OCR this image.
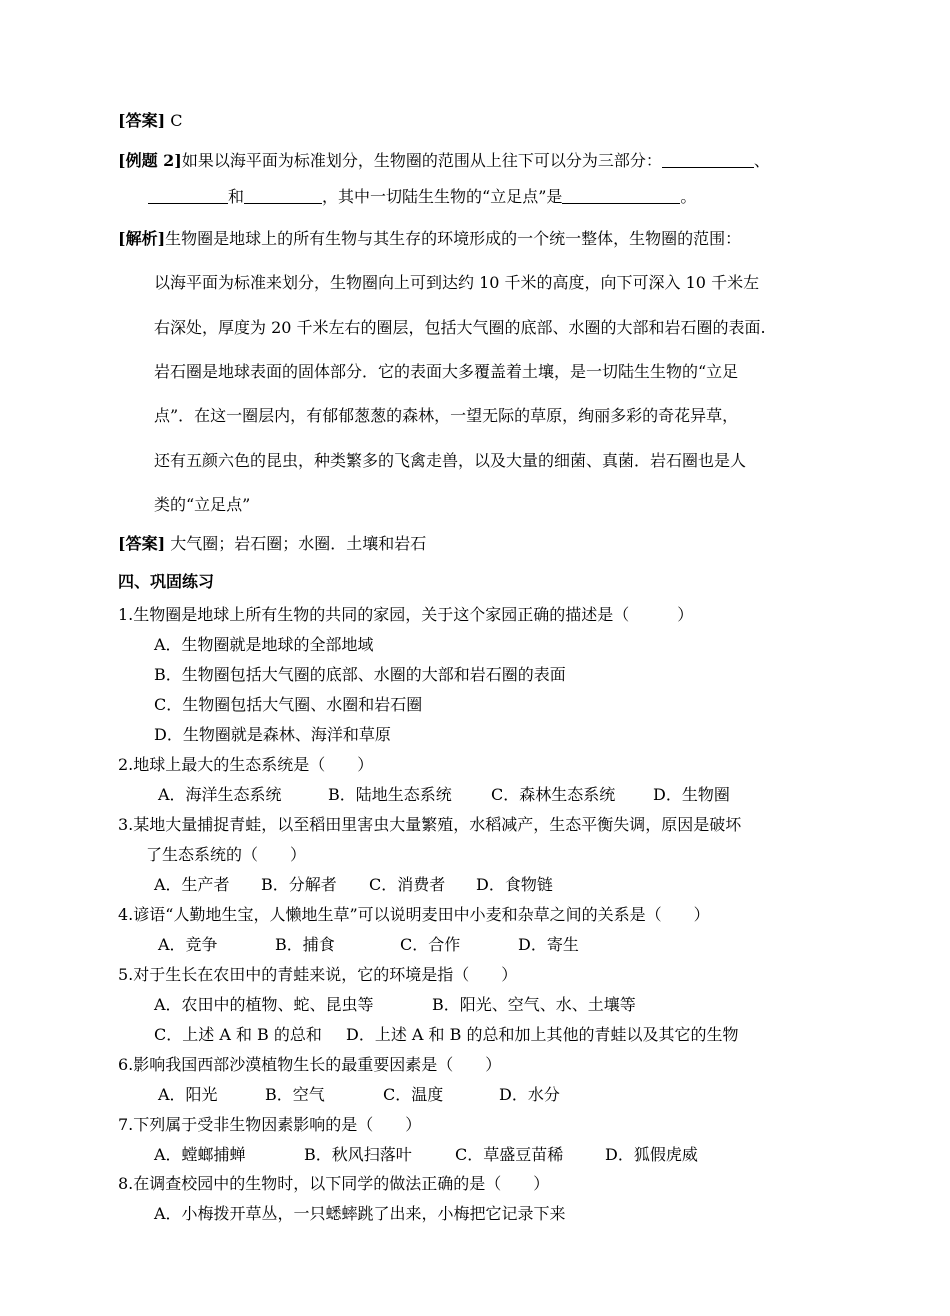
[答案] C
[例题 2]如果以海平面为标准划分，生物圈的范围从上往下可以分为三部分：	、
和	，其中一切陆生生物的“立足点”是	。
[解析]生物圈是地球上的所有生物与其生存的环境形成的一个统一整体，生物圈的范围：
以海平面为标准来划分，生物圈向上可到达约 10 千米的高度，向下可深入 10 千米左
右深处，厚度为 20 千米左右的圈层，包括大气圈的底部、水圈的大部和岩石圈的表面.
岩石圈是地球表面的固体部分．它的表面大多覆盖着土壤，是一切陆生生物的“立足
点”．在这一圈层内，有郁郁葱葱的森林，一望无际的草原，绚丽多彩的奇花异草，
还有五颜六色的昆虫，种类繁多的飞禽走兽，以及大量的细菌、真菌．岩石圈也是人
类的“立足点”
[答案] 大气圈；岩石圈；水圈．土壤和岩石
四、巩固练习
1.生物圈是地球上所有生物的共同的家园，关于这个家园正确的描述是（　　　）
A．生物圈就是地球的全部地域
B．生物圈包括大气圈的底部、水圈的大部和岩石圈的表面
C．生物圈包括大气圈、水圈和岩石圈
D．生物圈就是森林、海洋和草原
2.地球上最大的生态系统是（　　）
A．海洋生态系统	B．陆地生态系统 C．森林生态系统 D．生物圈
3.某地大量捕捉青蛙，以至稻田里害虫大量繁殖，水稻减产，生态平衡失调，原因是破坏
了生态系统的（　　）
A．生产者 B．分解者 C．消费者 D．食物链
4.谚语“人勤地生宝，人懒地生草”可以说明麦田中小麦和杂草之间的关系是（　　）
A．竞争	B．捕食	C．合作	D．寄生
5.对于生长在农田中的青蛙来说，它的环境是指（　　）
A．农田中的植物、蛇、昆虫等	B．阳光、空气、水、土壤等
C．上述 A 和 B 的总和 D．上述 A 和 B 的总和加上其他的青蛙以及其它的生物
6.影响我国西部沙漠植物生长的最重要因素是（　　）
A．阳光	B．空气	C．温度	D．水分
7.下列属于受非生物因素影响的是（　　）
A．螳螂捕蝉	B．秋风扫落叶	C．草盛豆苗稀	D．狐假虎威
8.在调查校园中的生物时，以下同学的做法正确的是（　　）
A．小梅拨开草丛，一只蟋蟀跳了出来，小梅把它记录下来
